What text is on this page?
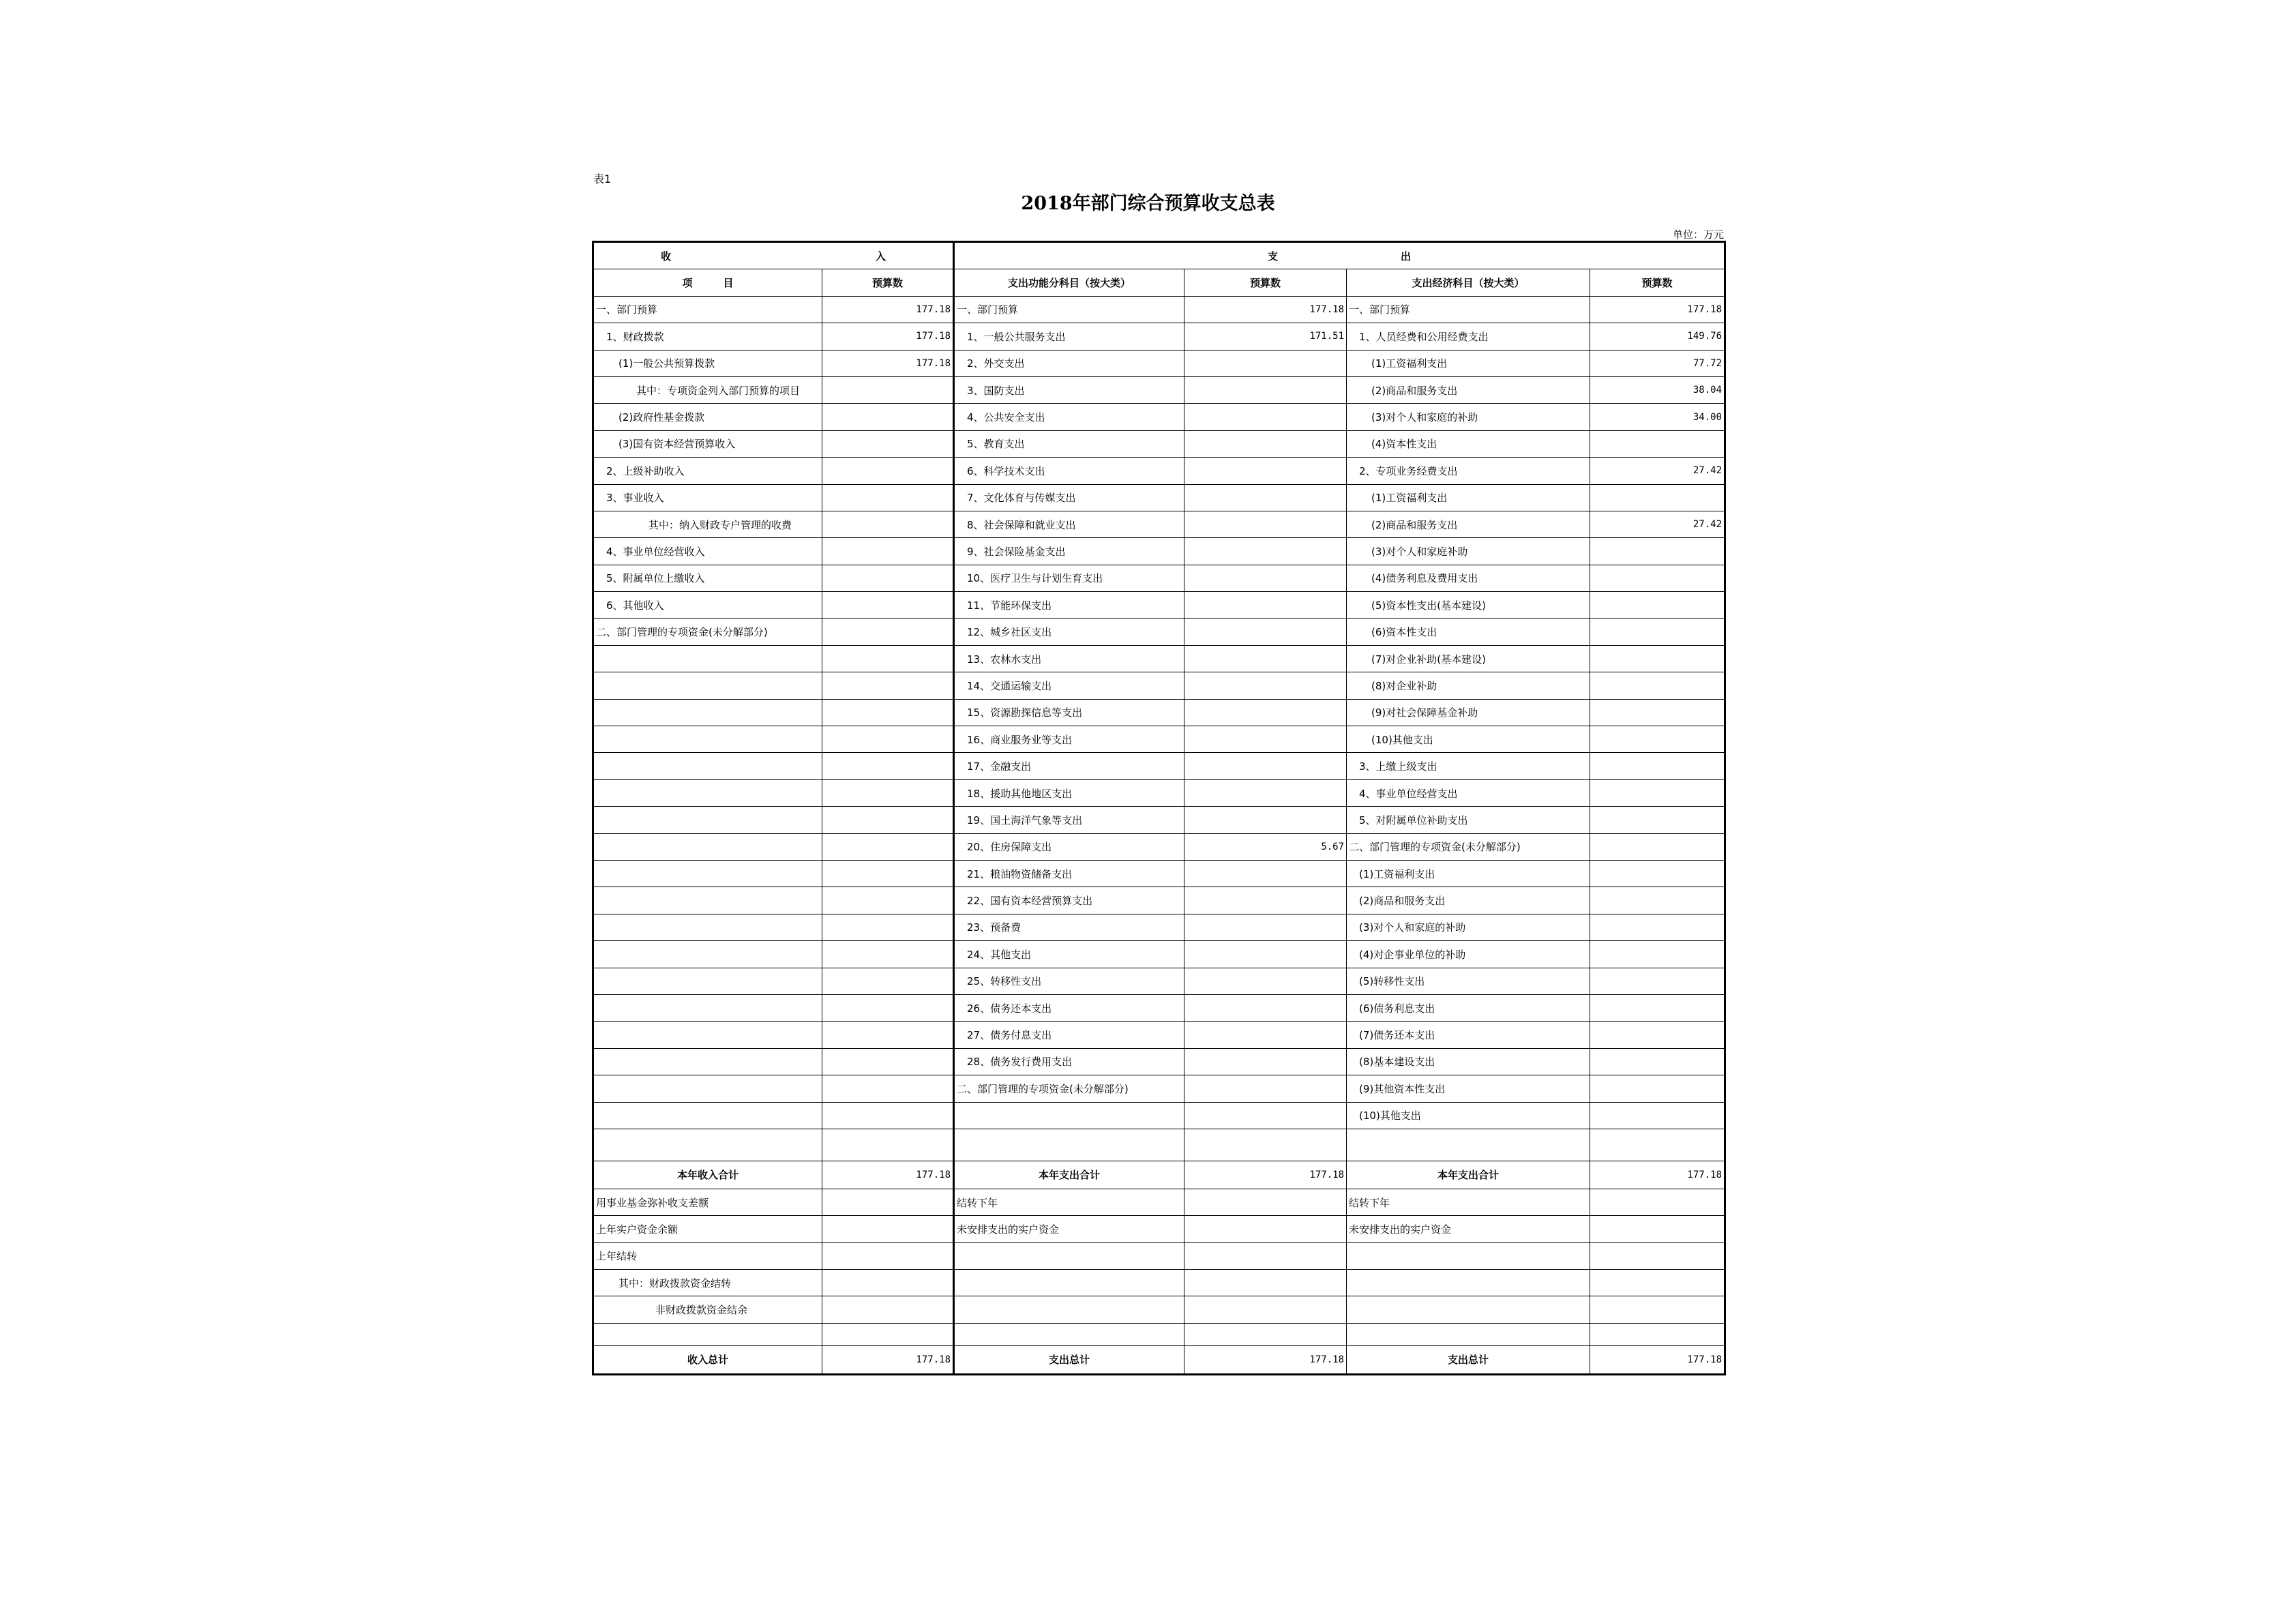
表1
2018年部门综合预算收支总表
单位：万元
收 入		支 出			
项　　　目	预算数	支出功能分科目（按大类）	预算数	支出经济科目（按大类）	预算数
一、部门预算	177.18	一、部门预算	177.18	一、部门预算	177.18
1、财政拨款	177.18	1、一般公共服务支出	171.51	1、人员经费和公用经费支出	149.76
(1)一般公共预算拨款	177.18	2、外交支出		(1)工资福利支出	77.72
其中：专项资金列入部门预算的项目		3、国防支出		(2)商品和服务支出	38.04
(2)政府性基金拨款		4、公共安全支出		(3)对个人和家庭的补助	34.00
(3)国有资本经营预算收入		5、教育支出		(4)资本性支出	
2、上级补助收入		6、科学技术支出		2、专项业务经费支出	27.42
3、事业收入		7、文化体育与传媒支出		(1)工资福利支出	
其中：纳入财政专户管理的收费		8、社会保障和就业支出		(2)商品和服务支出	27.42
4、事业单位经营收入		9、社会保险基金支出		(3)对个人和家庭补助	
5、附属单位上缴收入		10、医疗卫生与计划生育支出		(4)债务利息及费用支出	
6、其他收入		11、节能环保支出		(5)资本性支出(基本建设)	
二、部门管理的专项资金(未分解部分)		12、城乡社区支出		(6)资本性支出	
		13、农林水支出		(7)对企业补助(基本建设)	
		14、交通运输支出		(8)对企业补助	
		15、资源勘探信息等支出		(9)对社会保障基金补助	
		16、商业服务业等支出		(10)其他支出	
		17、金融支出		3、上缴上级支出	
		18、援助其他地区支出		4、事业单位经营支出	
		19、国土海洋气象等支出		5、对附属单位补助支出	
		20、住房保障支出	5.67	二、部门管理的专项资金(未分解部分)	
		21、粮油物资储备支出		(1)工资福利支出	
		22、国有资本经营预算支出		(2)商品和服务支出	
		23、预备费		(3)对个人和家庭的补助	
		24、其他支出		(4)对企事业单位的补助	
		25、转移性支出		(5)转移性支出	
		26、债务还本支出		(6)债务利息支出	
		27、债务付息支出		(7)债务还本支出	
		28、债务发行费用支出		(8)基本建设支出	
		二、部门管理的专项资金(未分解部分)		(9)其他资本性支出	
				(10)其他支出	

本年收入合计	177.18	本年支出合计	177.18	本年支出合计	177.18
用事业基金弥补收支差额		结转下年		结转下年	
上年实户资金余额		未安排支出的实户资金		未安排支出的实户资金	
上年结转					
其中：财政拨款资金结转					
非财政拨款资金结余					

收入总计	177.18	支出总计	177.18	支出总计	177.18
